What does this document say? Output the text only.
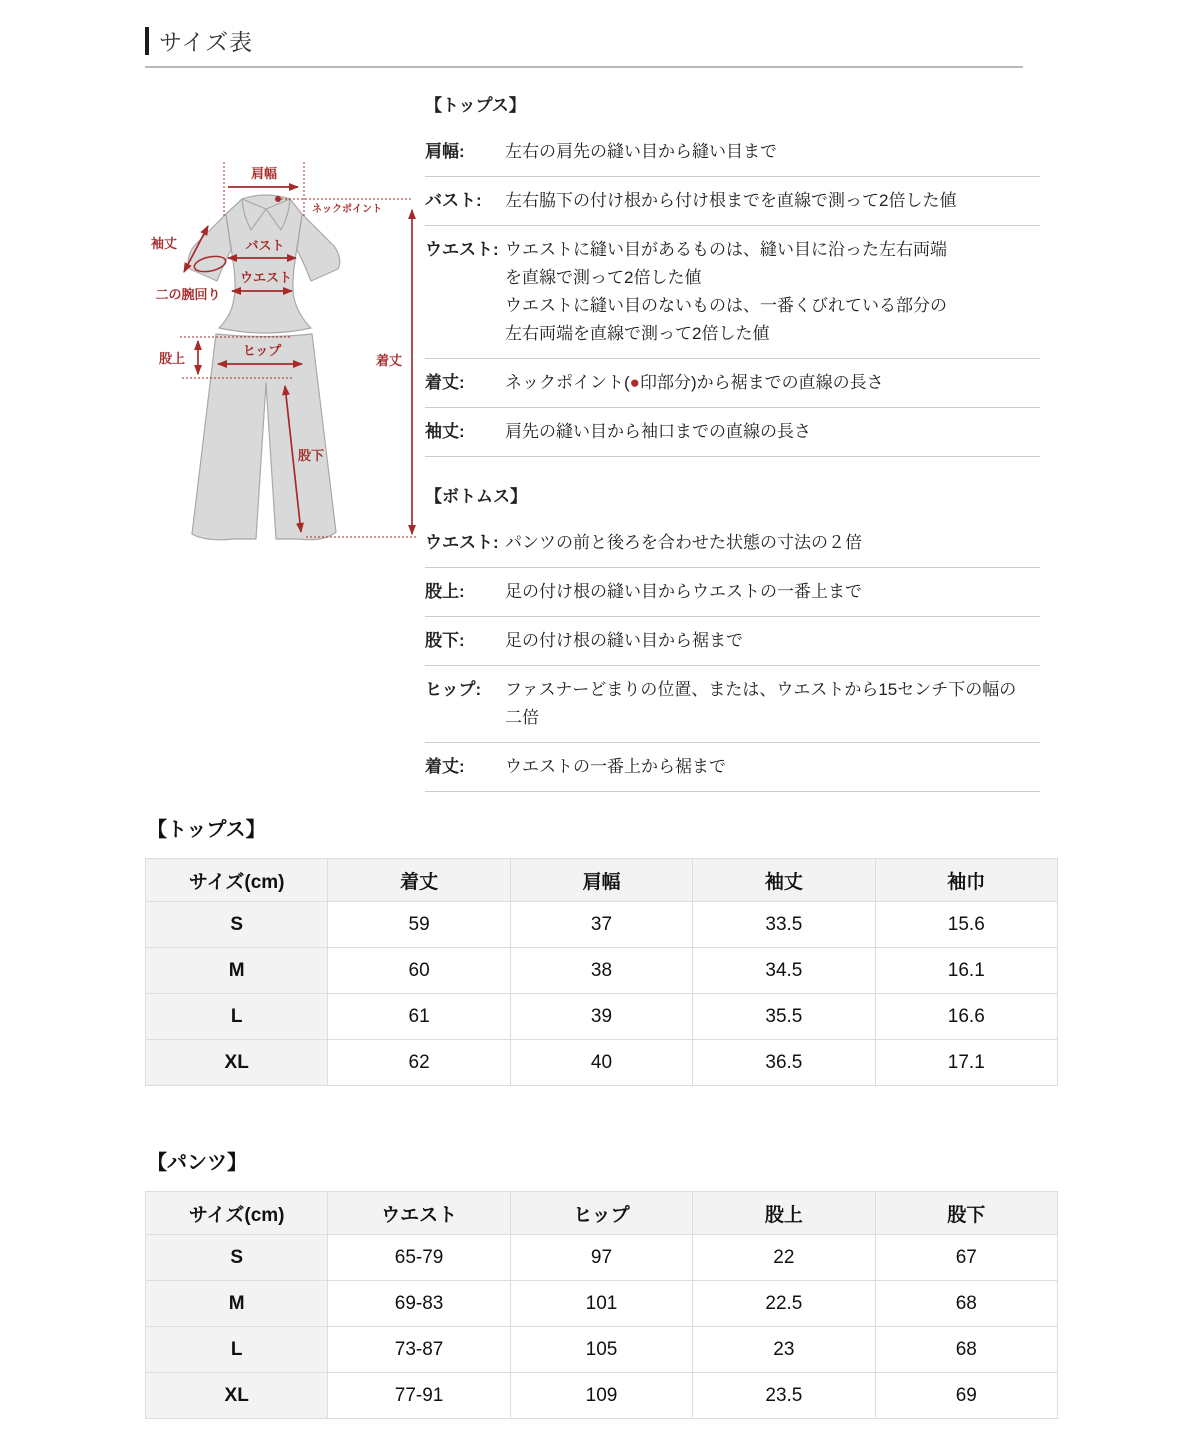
サイズ表
肩幅
ネックポイント
着丈
袖丈
二の腕回り
バスト
ウエスト
股上
ヒップ
股下
【トップス】
肩幅:	左右の肩先の縫い目から縫い目まで
バスト:	左右脇下の付け根から付け根までを直線で測って2倍した値
ウエスト: ウエストに縫い目があるものは、縫い目に沿った左右両端
を直線で測って2倍した値
ウエストに縫い目のないものは、一番くびれている部分の
左右両端を直線で測って2倍した値
着丈:	ネックポイント(●印部分)から裾までの直線の長さ
袖丈:	肩先の縫い目から袖口までの直線の長さ
【ボトムス】
ウエスト: パンツの前と後ろを合わせた状態の寸法の２倍
股上:	足の付け根の縫い目からウエストの一番上まで
股下:	足の付け根の縫い目から裾まで
ヒップ:	ファスナーどまりの位置、または、ウエストから15センチ下の幅の
二倍
着丈:	ウエストの一番上から裾まで
【トップス】
サイズ(cm)	着丈	肩幅	袖丈	袖巾
S	59	37	33.5	15.6
M	60	38	34.5	16.1
L	61	39	35.5	16.6
XL	62	40	36.5	17.1
【パンツ】
サイズ(cm)	ウエスト	ヒップ	股上	股下
S	65-79	97	22	67
M	69-83	101	22.5	68
L	73-87	105	23	68
XL	77-91	109	23.5	69
